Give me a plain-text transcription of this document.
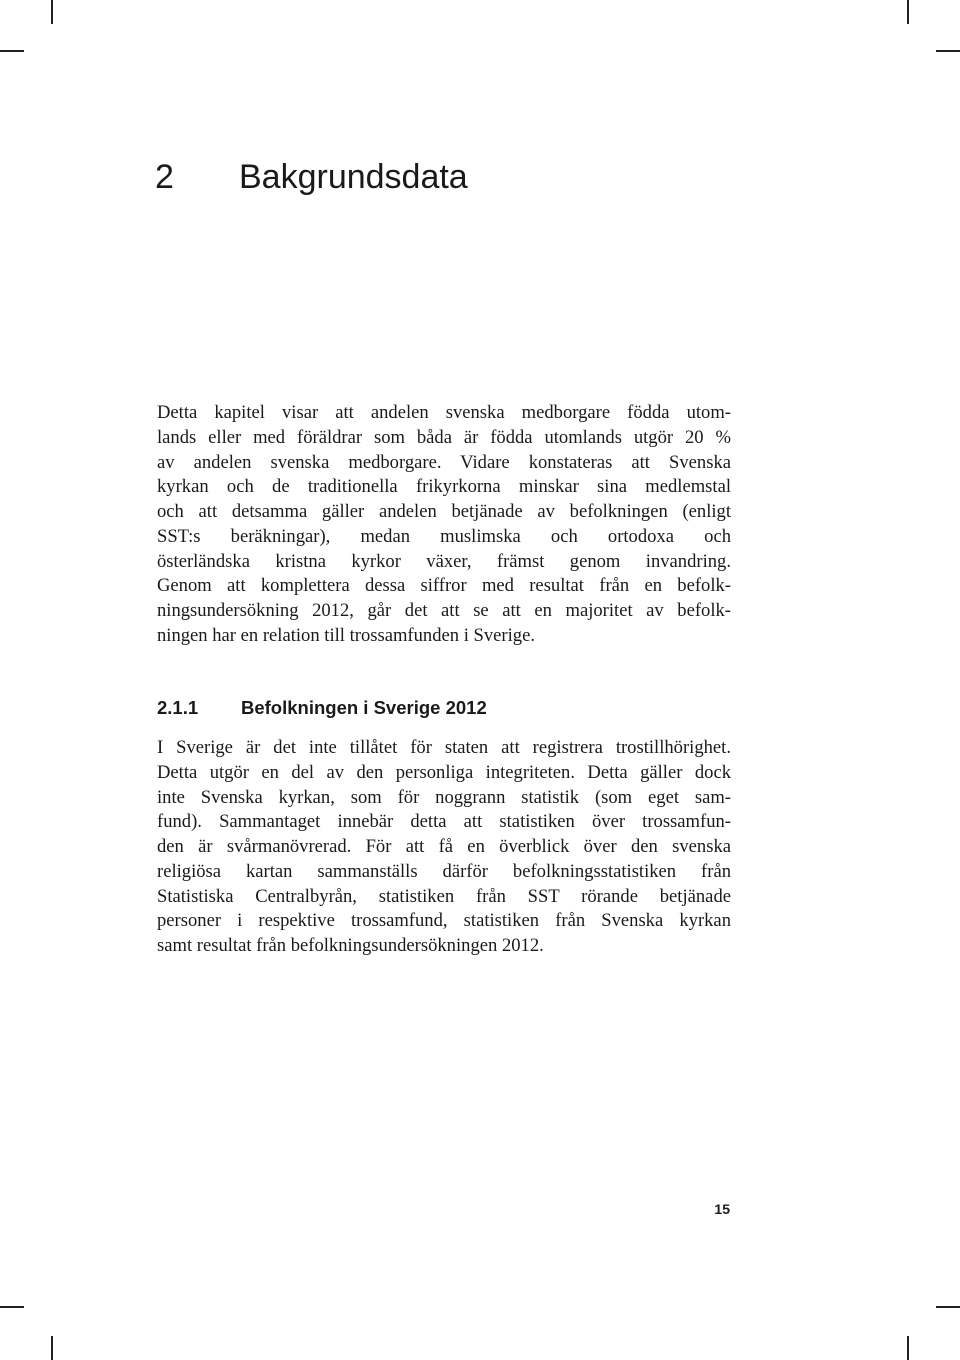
2 Bakgrundsdata
Detta kapitel visar att andelen svenska medborgare födda utom-
lands eller med föräldrar som båda är födda utomlands utgör 20 %
av andelen svenska medborgare. Vidare konstateras att Svenska
kyrkan och de traditionella frikyrkorna minskar sina medlemstal
och att detsamma gäller andelen betjänade av befolkningen (enligt
SST:s beräkningar), medan muslimska och ortodoxa och
österländska kristna kyrkor växer, främst genom invandring.
Genom att komplettera dessa siffror med resultat från en befolk-
ningsundersökning 2012, går det att se att en majoritet av befolk-
ningen har en relation till trossamfunden i Sverige.
2.1.1 Befolkningen i Sverige 2012
I Sverige är det inte tillåtet för staten att registrera trostillhörighet.
Detta utgör en del av den personliga integriteten. Detta gäller dock
inte Svenska kyrkan, som för noggrann statistik (som eget sam-
fund). Sammantaget innebär detta att statistiken över trossamfun-
den är svårmanövrerad. För att få en överblick över den svenska
religiösa kartan sammanställs därför befolkningsstatistiken från
Statistiska Centralbyrån, statistiken från SST rörande betjänade
personer i respektive trossamfund, statistiken från Svenska kyrkan
samt resultat från befolkningsundersökningen 2012.
15
